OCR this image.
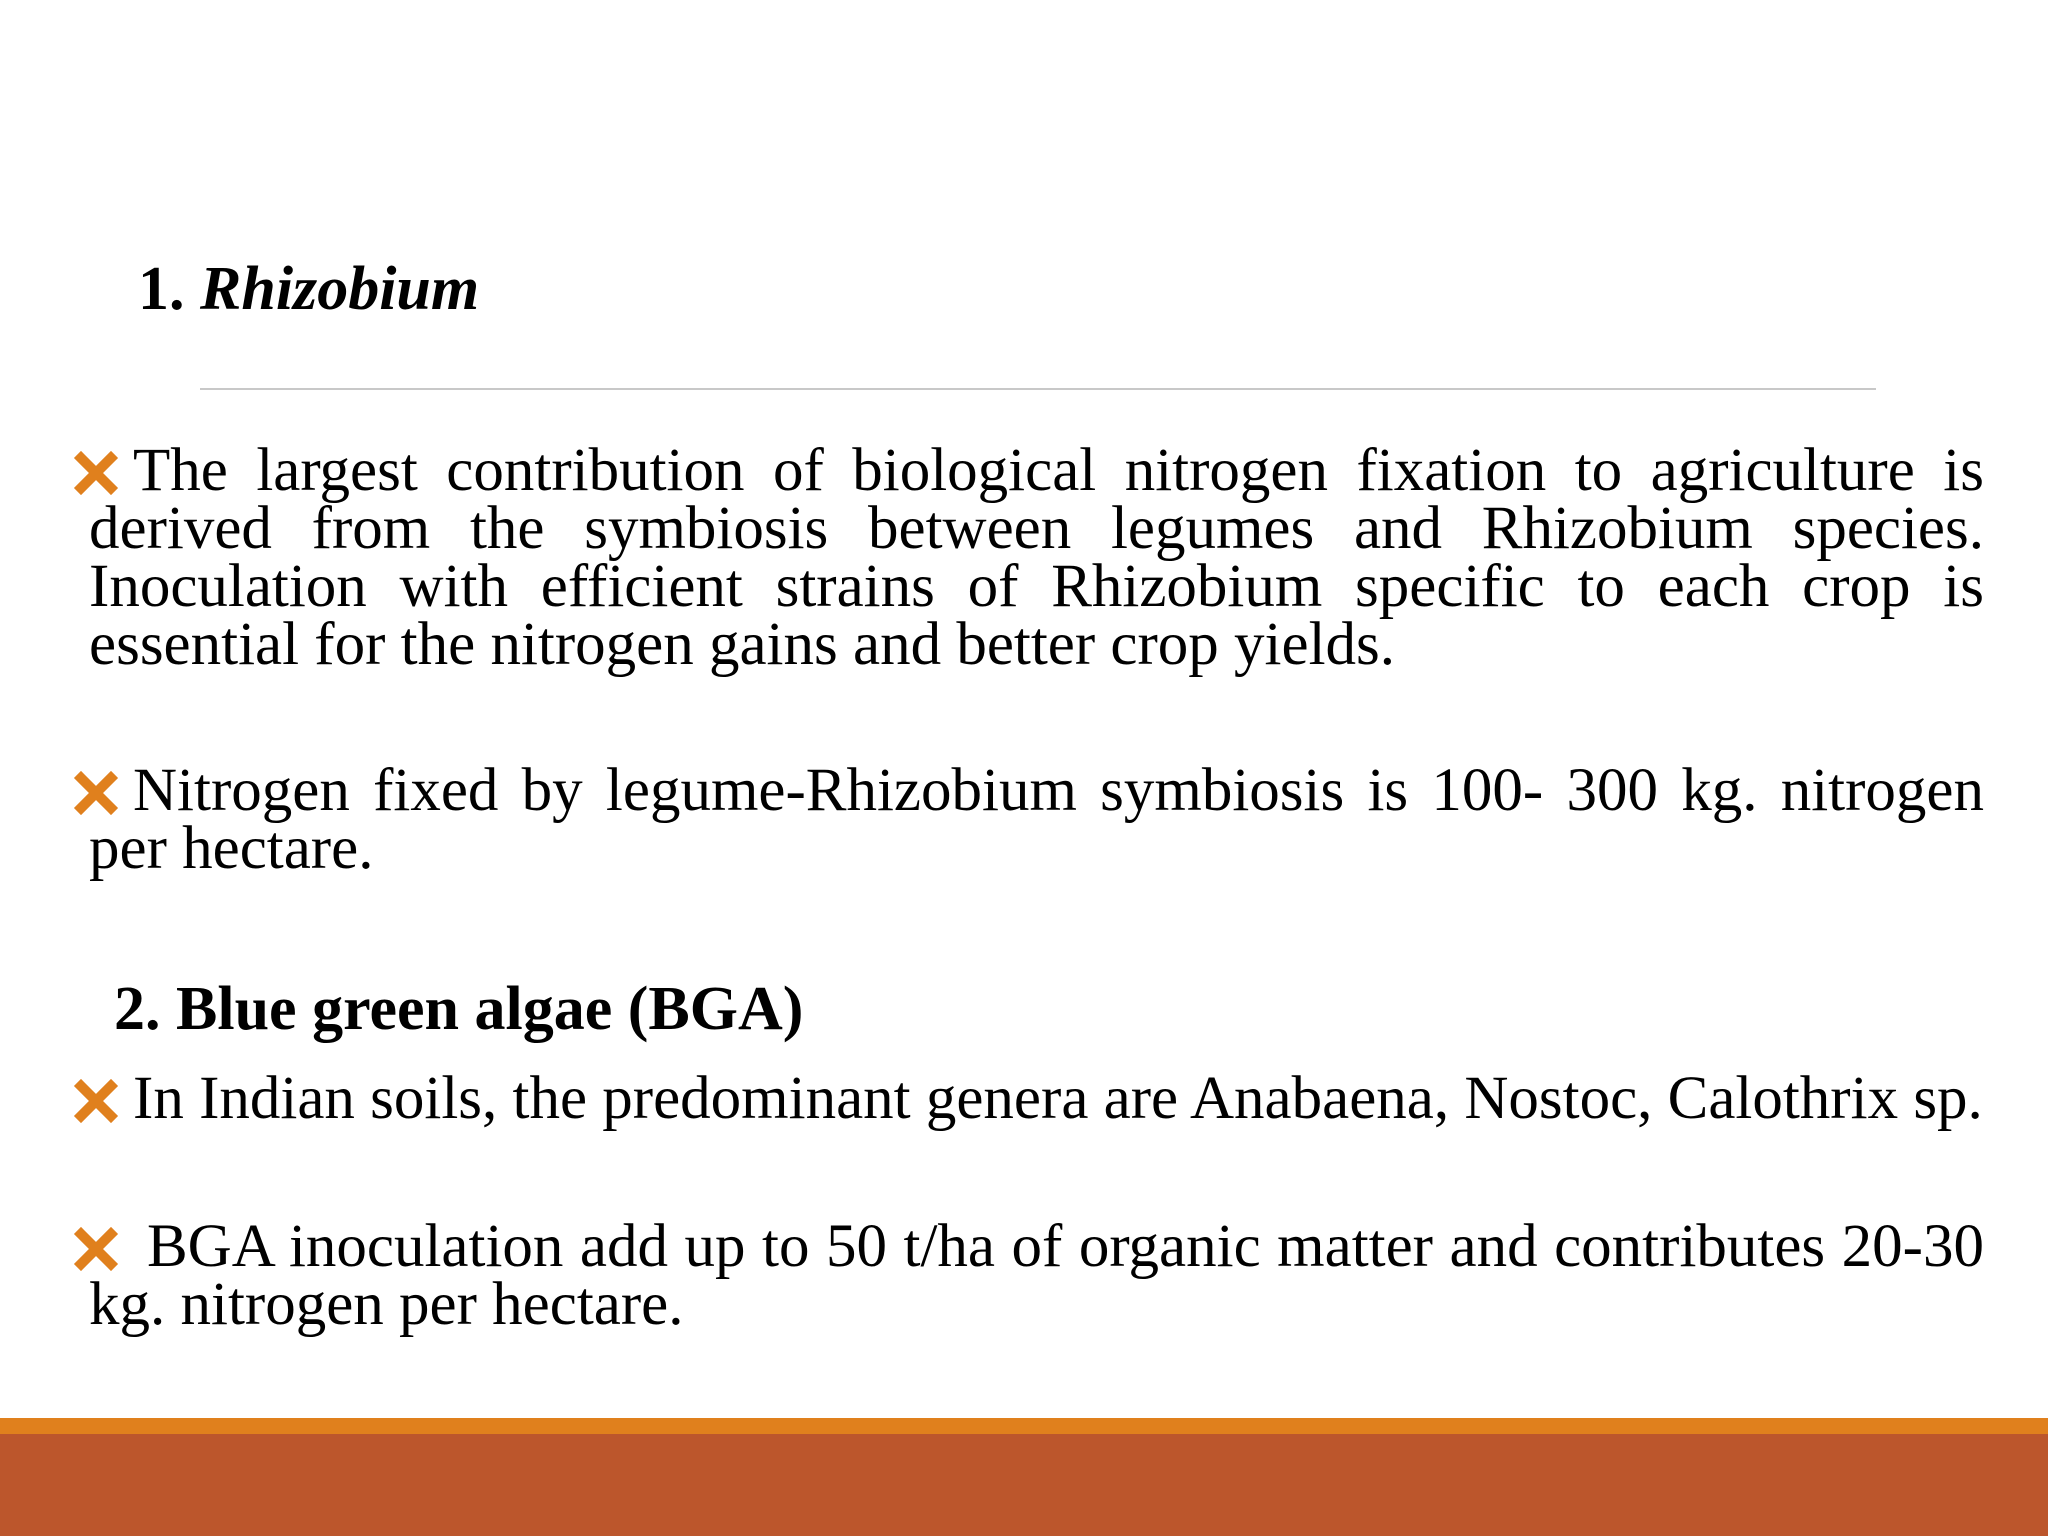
1. Rhizobium
The largest contribution of biological nitrogen fixation to agriculture is derived from the symbiosis between legumes and Rhizobium species. Inoculation with efficient strains of Rhizobium specific to each crop is essential for the nitrogen gains and better crop yields.
Nitrogen fixed by legume-Rhizobium symbiosis is 100- 300 kg. nitrogen per hectare.
2. Blue green algae (BGA)
In Indian soils, the predominant genera are Anabaena, Nostoc, Calothrix sp.
BGA inoculation add up to 50 t/ha of organic matter and contributes 20-30 kg. nitrogen per hectare.
